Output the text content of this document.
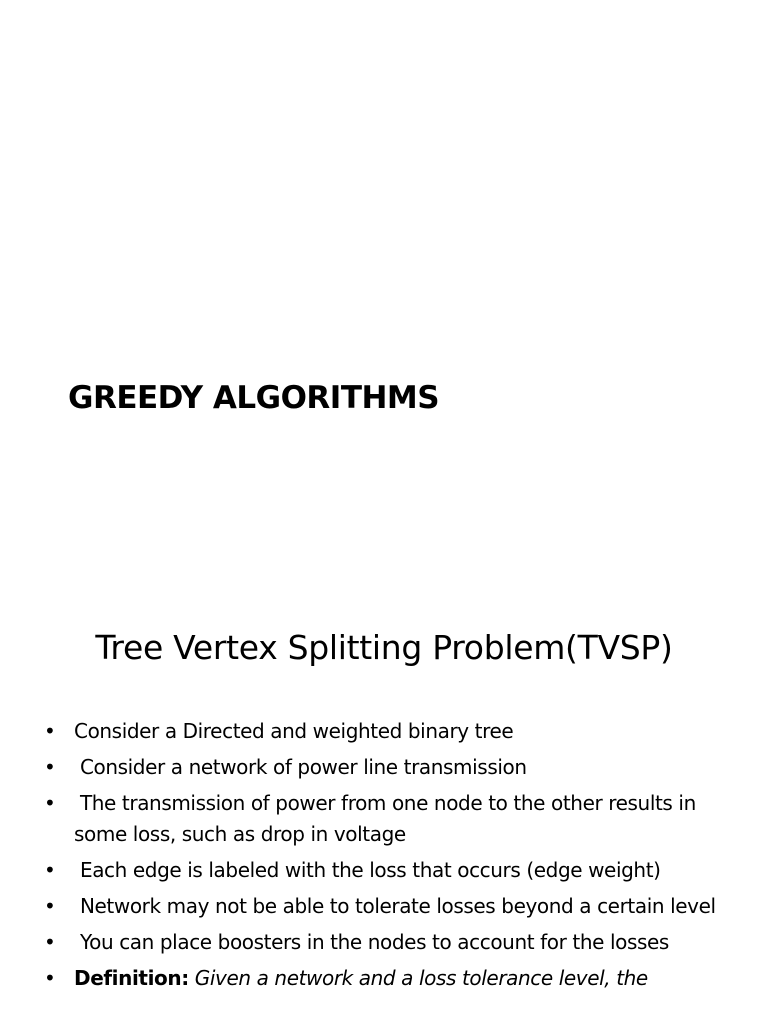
GREEDY ALGORITHMS
Tree Vertex Splitting Problem(TVSP)
• Consider a Directed and weighted binary tree
• Consider a network of power line transmission
• The transmission of power from one node to the other results in some loss, such as drop in voltage
• Each edge is labeled with the loss that occurs (edge weight)
• Network may not be able to tolerate losses beyond a certain level
• You can place boosters in the nodes to account for the losses
• Definition: Given a network and a loss tolerance level, the
